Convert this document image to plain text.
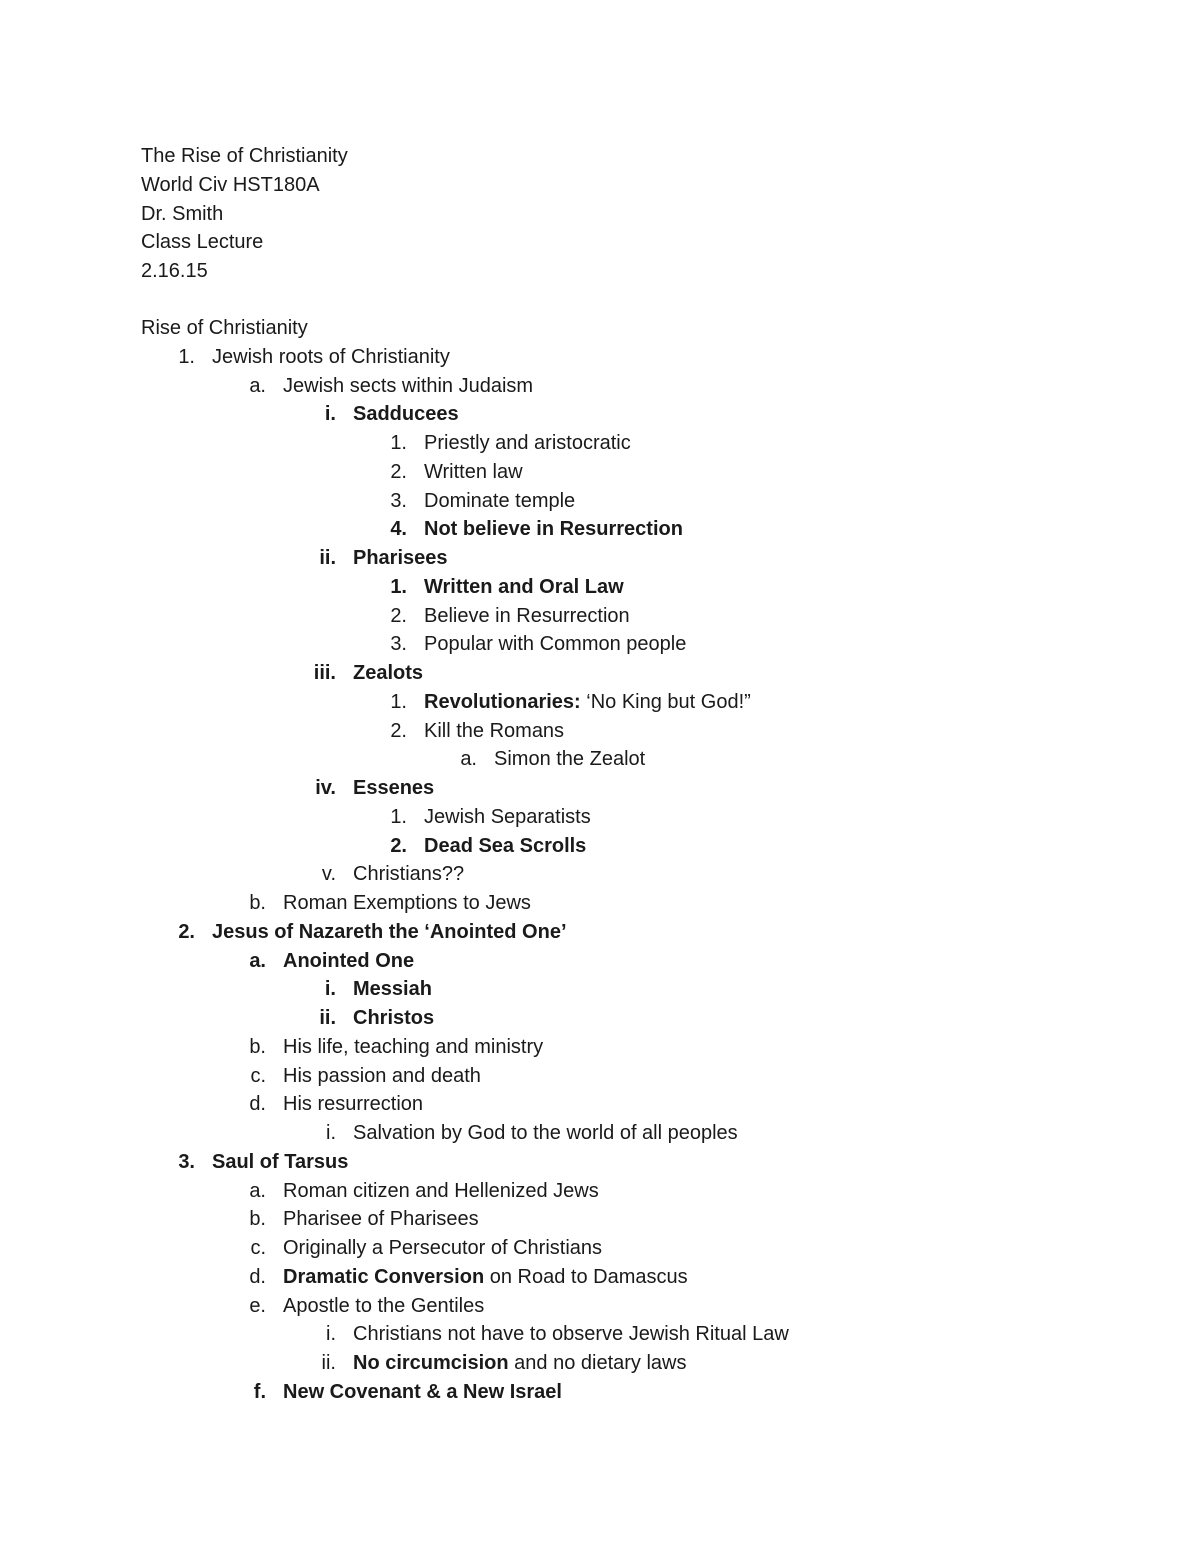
The Rise of Christianity
World Civ HST180A
Dr. Smith
Class Lecture
2.16.15
Rise of Christianity
1. Jewish roots of Christianity
a. Jewish sects within Judaism
i. Sadducees
1. Priestly and aristocratic
2. Written law
3. Dominate temple
4. Not believe in Resurrection
ii. Pharisees
1. Written and Oral Law
2. Believe in Resurrection
3. Popular with Common people
iii. Zealots
1. Revolutionaries: ‘No King but God!”
2. Kill the Romans
a. Simon the Zealot
iv. Essenes
1. Jewish Separatists
2. Dead Sea Scrolls
v. Christians??
b. Roman Exemptions to Jews
2. Jesus of Nazareth the ‘Anointed One’
a. Anointed One
i. Messiah
ii. Christos
b. His life, teaching and ministry
c. His passion and death
d. His resurrection
i. Salvation by God to the world of all peoples
3. Saul of Tarsus
a. Roman citizen and Hellenized Jews
b. Pharisee of Pharisees
c. Originally a Persecutor of Christians
d. Dramatic Conversion on Road to Damascus
e. Apostle to the Gentiles
i. Christians not have to observe Jewish Ritual Law
ii. No circumcision and no dietary laws
f. New Covenant & a New Israel
